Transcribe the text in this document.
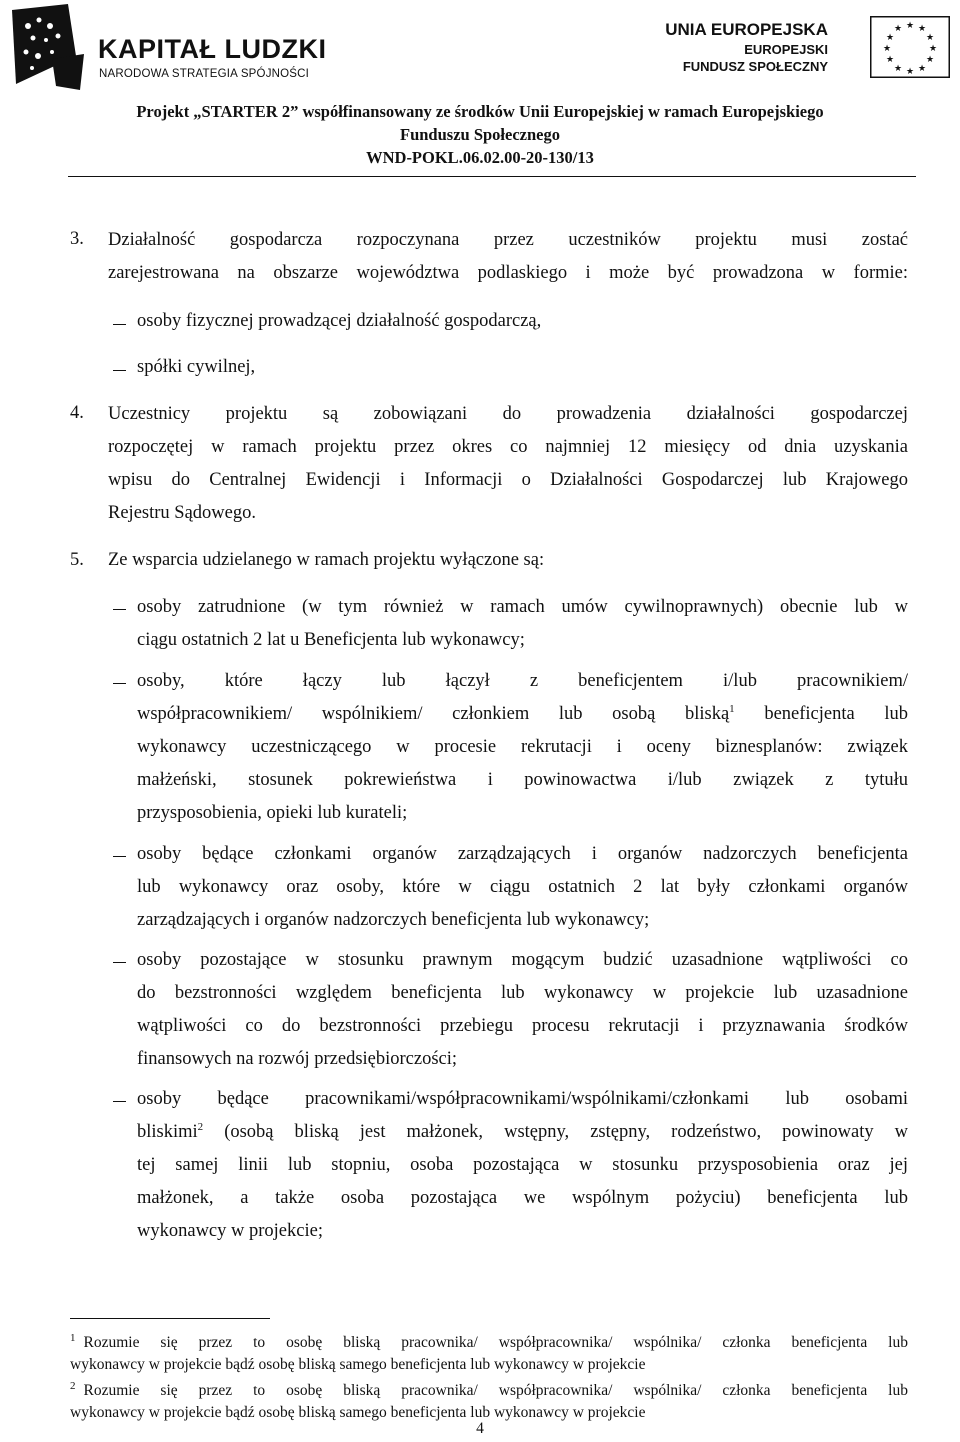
KAPITAŁ LUDZKI
NARODOWA STRATEGIA SPÓJNOŚCI
UNIA EUROPEJSKA
EUROPEJSKI
FUNDUSZ SPOŁECZNY
★ ★
★
★
★
★
★
★
★
★
★
★
Projekt „STARTER 2” współfinansowany ze środków Unii Europejskiej w ramach Europejskiego
Funduszu Społecznego
WND-POKL.06.02.00-20-130/13
3. Działalność gospodarcza rozpoczynana przez uczestników projektu musi zostać
zarejestrowana na obszarze województwa podlaskiego i może być prowadzona w formie:
osoby fizycznej prowadzącej działalność gospodarczą,
spółki cywilnej,
4. Uczestnicy projektu są zobowiązani do prowadzenia działalności gospodarczej
rozpoczętej w ramach projektu przez okres co najmniej 12 miesięcy od dnia uzyskania
wpisu do Centralnej Ewidencji i Informacji o Działalności Gospodarczej lub Krajowego
Rejestru Sądowego.
5. Ze wsparcia udzielanego w ramach projektu wyłączone są:
osoby zatrudnione (w tym również w ramach umów cywilnoprawnych) obecnie lub w
ciągu ostatnich 2 lat u Beneficjenta lub wykonawcy;
osoby, które łączy lub łączył z beneficjentem i/lub pracownikiem/
współpracownikiem/ wspólnikiem/ członkiem lub osobą bliską$^1$ beneficjenta lub
wykonawcy uczestniczącego w procesie rekrutacji i oceny biznesplanów: związek
małżeński, stosunek pokrewieństwa i powinowactwa i/lub związek z tytułu
przysposobienia, opieki lub kurateli;
osoby będące członkami organów zarządzających i organów nadzorczych beneficjenta
lub wykonawcy oraz osoby, które w ciągu ostatnich 2 lat były członkami organów
zarządzających i organów nadzorczych beneficjenta lub wykonawcy;
osoby pozostające w stosunku prawnym mogącym budzić uzasadnione wątpliwości co
do bezstronności względem beneficjenta lub wykonawcy w projekcie lub uzasadnione
wątpliwości co do bezstronności przebiegu procesu rekrutacji i przyznawania środków
finansowych na rozwój przedsiębiorczości;
osoby będące pracownikami/współpracownikami/wspólnikami/członkami lub osobami
bliskimi$^2$ (osobą bliską jest małżonek, wstępny, zstępny, rodzeństwo, powinowaty w
tej samej linii lub stopniu, osoba pozostająca w stosunku przysposobienia oraz jej
małżonek, a także osoba pozostająca we wspólnym pożyciu) beneficjenta lub
wykonawcy w projekcie;
$^1$ Rozumie się przez to osobę bliską pracownika/ współpracownika/ wspólnika/ członka beneficjenta lub
wykonawcy w projekcie bądź osobę bliską samego beneficjenta lub wykonawcy w projekcie
$^2$ Rozumie się przez to osobę bliską pracownika/ współpracownika/ wspólnika/ członka beneficjenta lub
wykonawcy w projekcie bądź osobę bliską samego beneficjenta lub wykonawcy w projekcie
4
